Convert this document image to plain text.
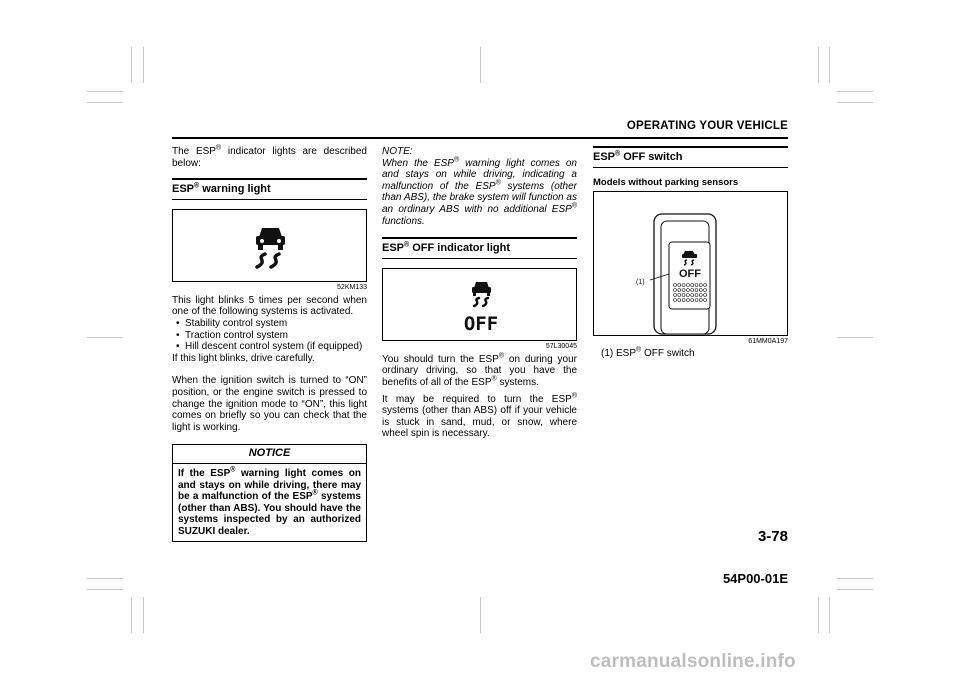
OPERATING YOUR VEHICLE

The ESP® indicator lights are described below:

ESP® warning light
52KM133

This light blinks 5 times per second when one of the following systems is activated.

• Stability control system
• Traction control system
• Hill descent control system (if equipped)

If this light blinks, drive carefully.

When the ignition switch is turned to “ON” position, or the engine switch is pressed to change the ignition mode to “ON”, this light comes on briefly so you can check that the light is working.

NOTICE
If the ESP® warning light comes on and stays on while driving, there may be a malfunction of the ESP® systems (other than ABS). You should have the systems inspected by an authorized SUZUKI dealer.

NOTE:

When the ESP® warning light comes on and stays on while driving, indicating a malfunction of the ESP® systems (other than ABS), the brake system will function as an ordinary ABS with no additional ESP® functions.

ESP® OFF indicator light
OFF
57L30045

You should turn the ESP® on during your ordinary driving, so that you have the benefits of all of the ESP® systems.

It may be required to turn the ESP® systems (other than ABS) off if your vehicle is stuck in sand, mud, or snow, where wheel spin is necessary.

ESP® OFF switch
Models without parking sensors
OFF
(1)
61MM0A197

(1) ESP® OFF switch

3-78
54P00-01E
carmanualsonline.info
